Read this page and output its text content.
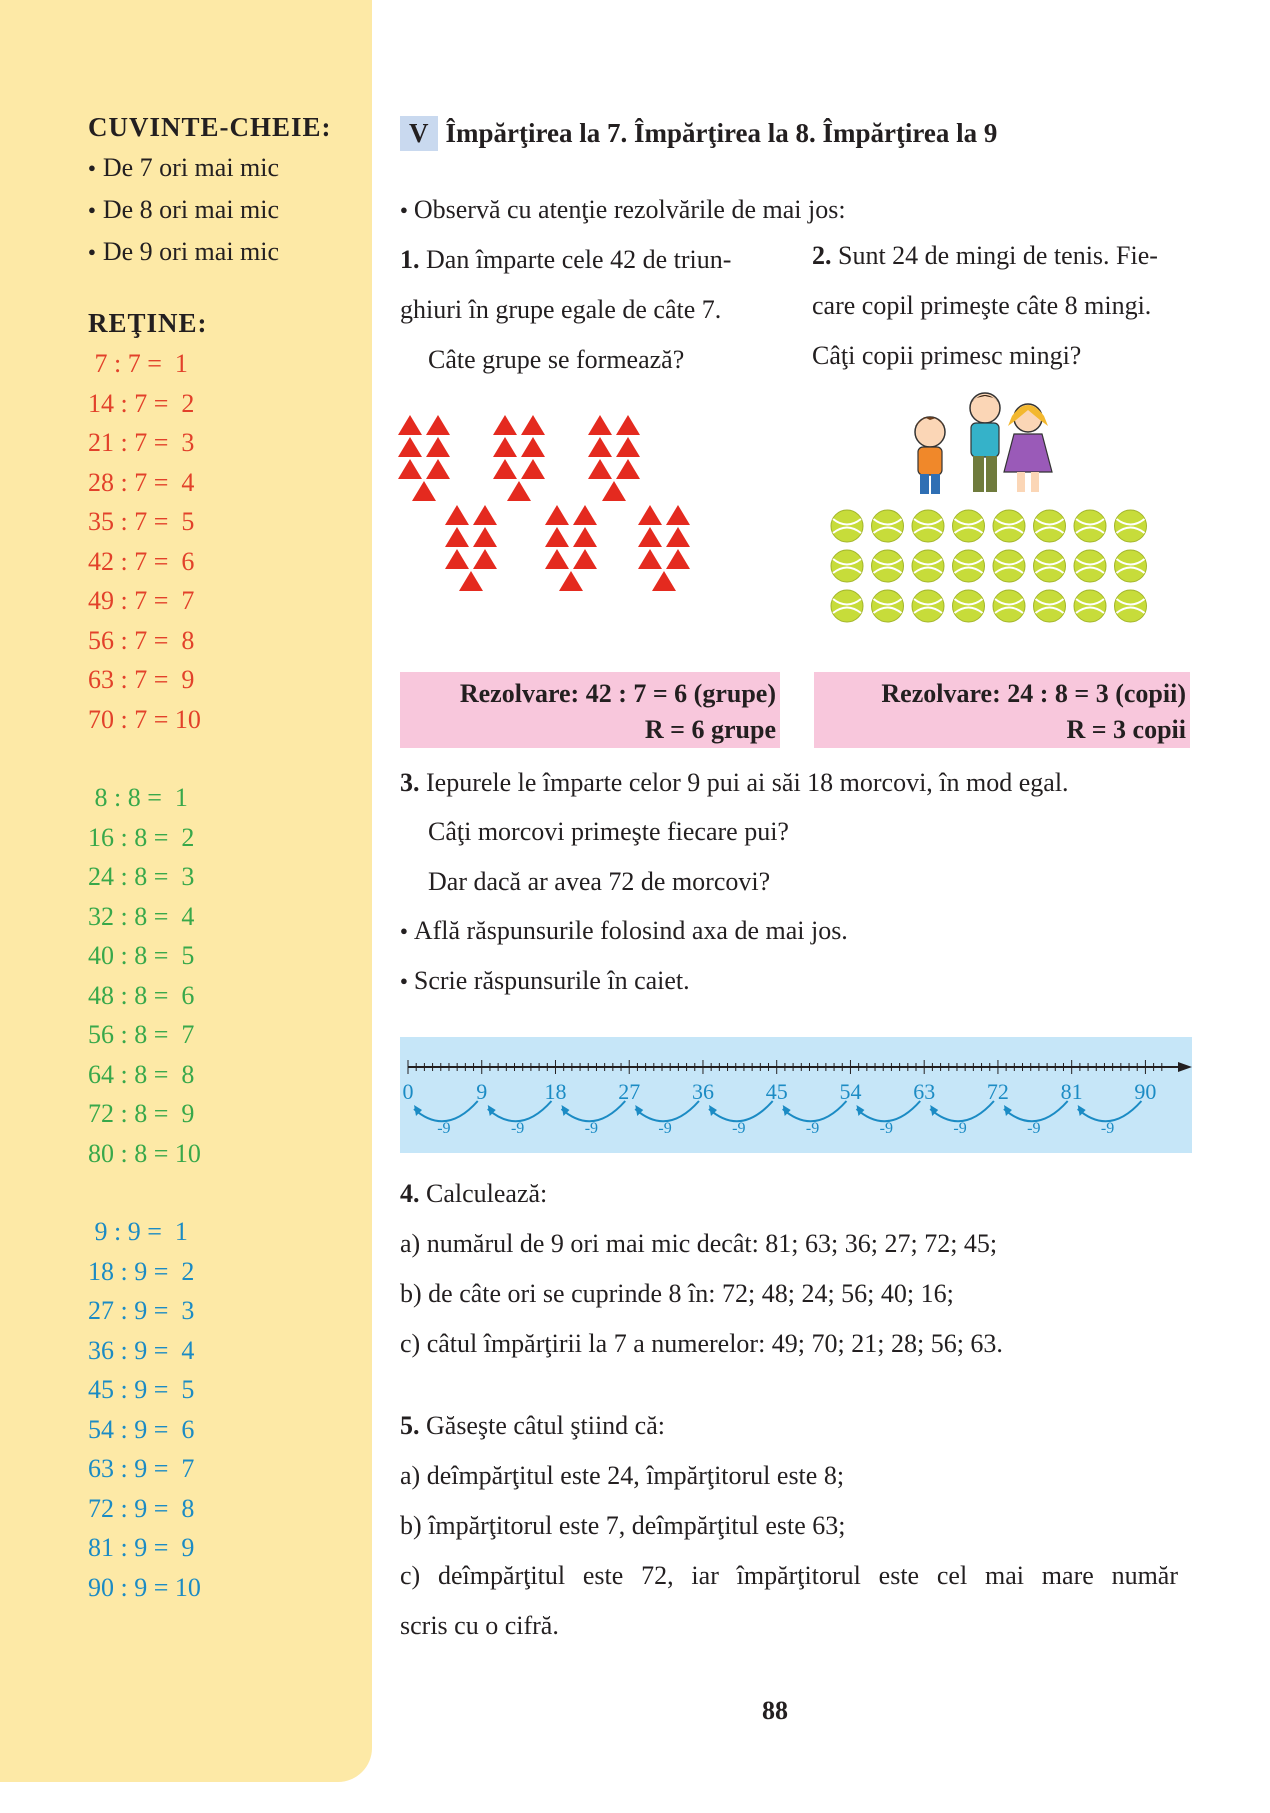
CUVINTE-CHEIE:
● De 7 ori mai mic
● De 8 ori mai mic
● De 9 ori mai mic
REŢINE:
7 : 7 =  1
14 : 7 =  2
21 : 7 =  3
28 : 7 =  4
35 : 7 =  5
42 : 7 =  6
49 : 7 =  7
56 : 7 =  8
63 : 7 =  9
70 : 7 = 10
8 : 8 =  1
16 : 8 =  2
24 : 8 =  3
32 : 8 =  4
40 : 8 =  5
48 : 8 =  6
56 : 8 =  7
64 : 8 =  8
72 : 8 =  9
80 : 8 = 10
9 : 9 =  1
18 : 9 =  2
27 : 9 =  3
36 : 9 =  4
45 : 9 =  5
54 : 9 =  6
63 : 9 =  7
72 : 9 =  8
81 : 9 =  9
90 : 9 = 10
V Împărţirea la 7. Împărţirea la 8. Împărţirea la 9
● Observă cu atenţie rezolvările de mai jos:
1. Dan împarte cele 42 de triun-
ghiuri în grupe egale de câte 7.
Câte grupe se formează?
2. Sunt 24 de mingi de tenis. Fie-
care copil primeşte câte 8 mingi.
Câţi copii primesc mingi?
Rezolvare: 42 : 7 = 6 (grupe)
R = 6 grupe
Rezolvare: 24 : 8 = 3 (copii)
R = 3 copii
3. Iepurele le împarte celor 9 pui ai săi 18 morcovi, în mod egal.
Câţi morcovi primeşte fiecare pui?
Dar dacă ar avea 72 de morcovi?
● Află răspunsurile folosind axa de mai jos.
● Scrie răspunsurile în caiet.
0	9	18 27 36 45 54 63 72 81 90
-9	-9	-9	-9	-9	-9	-9	-9	-9	-9
4. Calculează:
a) numărul de 9 ori mai mic decât: 81; 63; 36; 27; 72; 45;
b) de câte ori se cuprinde 8 în: 72; 48; 24; 56; 40; 16;
c) câtul împărţirii la 7 a numerelor: 49; 70; 21; 28; 56; 63.
5. Găseşte câtul ştiind că:
a) deîmpărţitul este 24, împărţitorul este 8;
b) împărţitorul este 7, deîmpărţitul este 63;
c) deîmpărţitul este 72, iar împărţitorul este cel mai mare număr
scris cu o cifră.
88
